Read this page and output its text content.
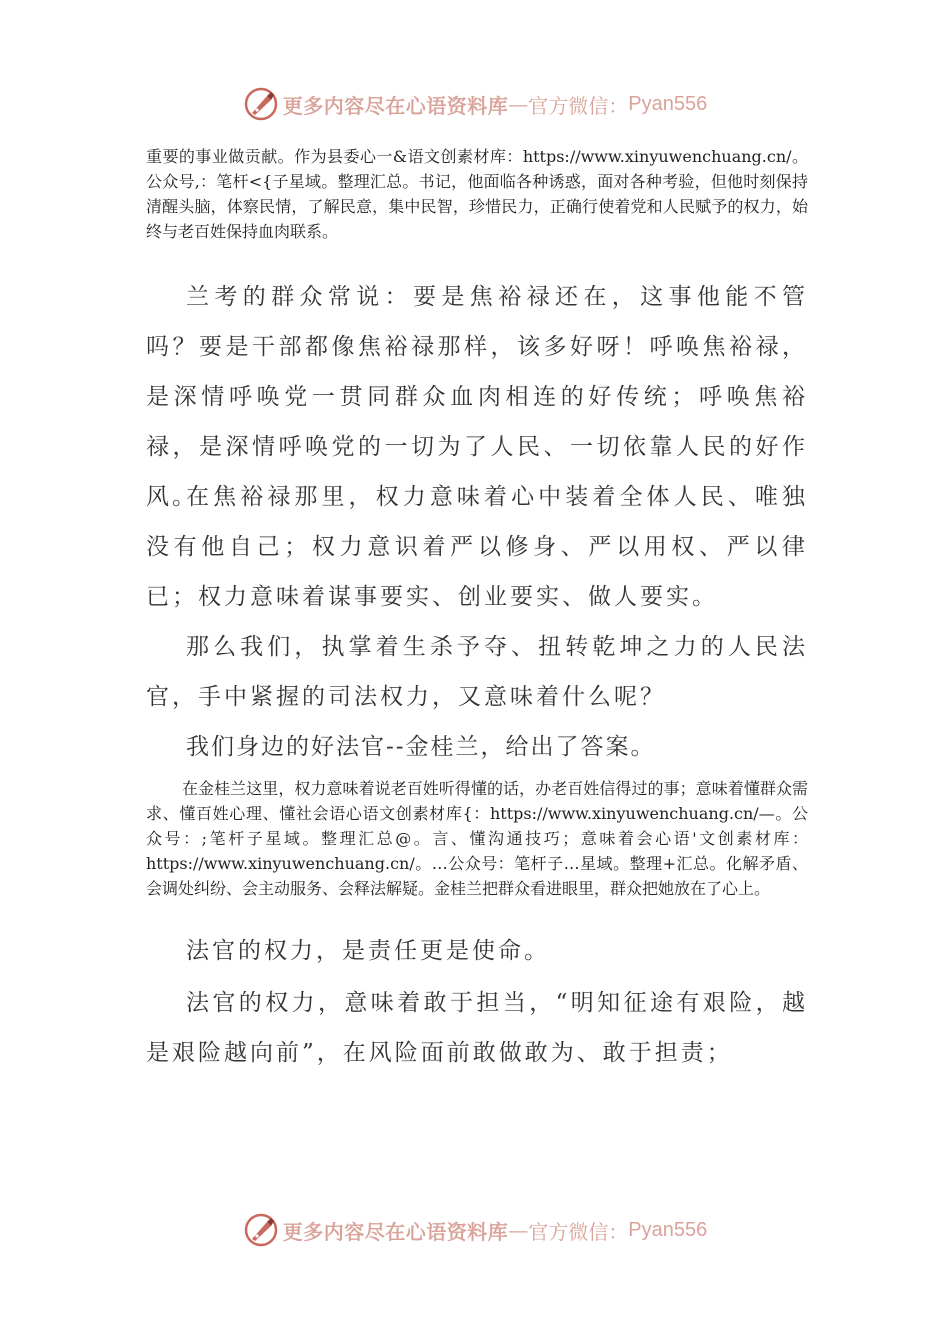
更多内容尽在心语资料库 — 官方微信： Pyan556

重要的事业做贡献。作为县委心一&语文创素材库：https://www.xinyuwenchuang.cn/。公众号,：笔杆<{子星域。整理汇总。书记，他面临各种诱惑，面对各种考验，但他时刻保持清醒头脑，体察民情，了解民意，集中民智，珍惜民力，正确行使着党和人民赋予的权力，始终与老百姓保持血肉联系。

兰考的群众常说：要是焦裕禄还在，这事他能不管吗？要是干部都像焦裕禄那样，该多好呀！呼唤焦裕禄，是深情呼唤党一贯同群众血肉相连的好传统；呼唤焦裕禄，是深情呼唤党的一切为了人民、一切依靠人民的好作风。

在焦裕禄那里，权力意味着心中装着全体人民、唯独没有他自己；权力意识着严以修身、严以用权、严以律已；权力意味着谋事要实、创业要实、做人要实。

那么我们，执掌着生杀予夺、扭转乾坤之力的人民法官，手中紧握的司法权力，又意味着什么呢？

我们身边的好法官--金桂兰，给出了答案。

在金桂兰这里，权力意味着说老百姓听得懂的话，办老百姓信得过的事；意味着懂群众需求、懂百姓心理、懂社会语心语文创素材库{：https://www.xinyuwenchuang.cn/—。公众号：;笔杆子星域。整理汇总@。言、懂沟通技巧；意味着会心语'文创素材库：https://www.xinyuwenchuang.cn/。…公众号：笔杆子…星域。整理+汇总。化解矛盾、会调处纠纷、会主动服务、会释法解疑。金桂兰把群众看进眼里，群众把她放在了心上。

法官的权力，是责任更是使命。

法官的权力，意味着敢于担当，“明知征途有艰险，越是艰险越向前”，在风险面前敢做敢为、敢于担责；

更多内容尽在心语资料库 — 官方微信： Pyan556
